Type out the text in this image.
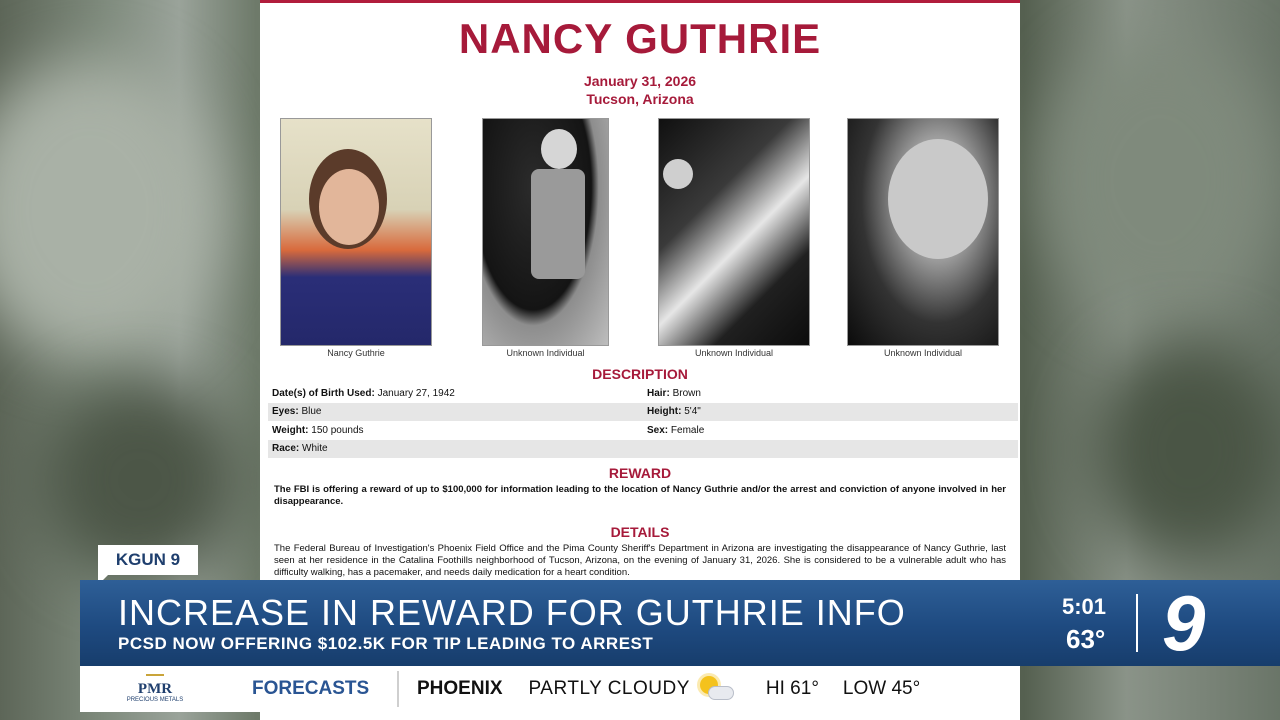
NANCY GUTHRIE
January 31, 2026
Tucson, Arizona
Nancy Guthrie	Unknown Individual	Unknown Individual	Unknown Individual
DESCRIPTION
Date(s) of Birth Used: January 27, 1942	Hair: Brown
Eyes: Blue	Height: 5'4"
Weight: 150 pounds	Sex: Female
Race: White
REWARD
The FBI is offering a reward of up to $100,000 for information leading to the location of Nancy Guthrie and/or the arrest and conviction of anyone involved in her disappearance.
DETAILS
The Federal Bureau of Investigation's Phoenix Field Office and the Pima County Sheriff's Department in Arizona are investigating the disappearance of Nancy Guthrie, last seen at her residence in the Catalina Foothills neighborhood of Tucson, Arizona, on the evening of January 31, 2026. She is considered to be a vulnerable adult who has difficulty walking, has a pacemaker, and needs daily medication for a heart condition.
KGUN 9
INCREASE IN REWARD FOR GUTHRIE INFO
PCSD NOW OFFERING $102.5K FOR TIP LEADING TO ARREST
5:01
63° 9
PMR
PRECIOUS METALS
FORECASTS	PHOENIX PARTLY CLOUDY	HI 61° LOW 45°
